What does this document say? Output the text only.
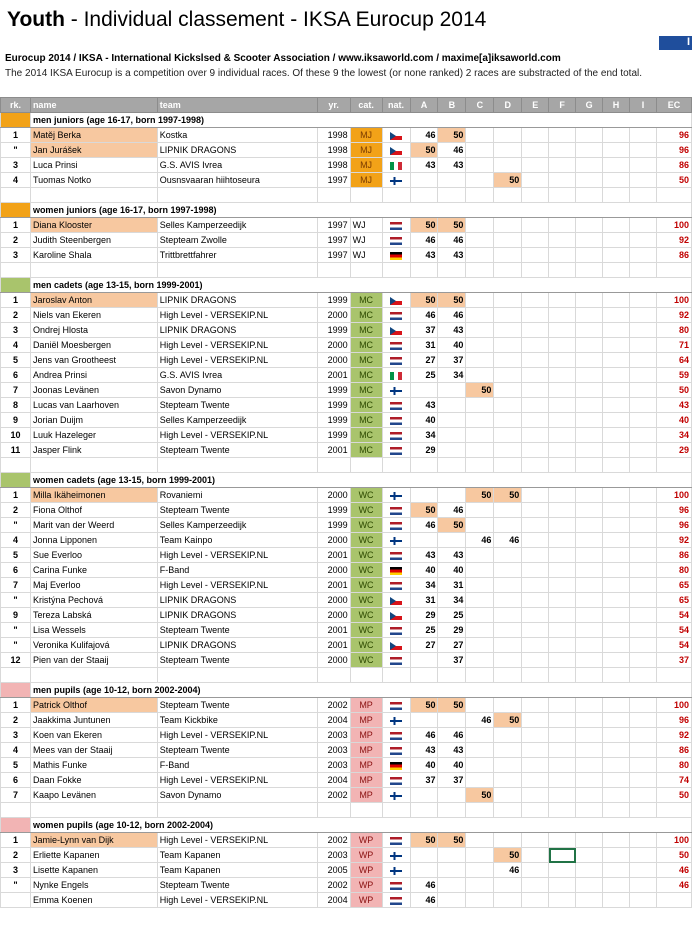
Youth - Individual classement - IKSA Eurocup 2014
I
Eurocup 2014 / IKSA - International Kickslsed & Scooter Association / www.iksaworld.com / maxime[a]iksaworld.com
The 2014 IKSA Eurocup is a competition over 9 individual races. Of these 9 the lowest (or none ranked) 2 races are substracted of the end total.
rk.	name	team	yr.	cat.	nat.	A	B	C	D	E	F	G	H	I	EC
	men juniors (age 16-17, born 1997-1998)														
1	Matěj Berka	Kostka	1998	MJ		46	50								96
"	Jan Jurášek	LIPNIK DRAGONS	1998	MJ		50	46								96
3	Luca Prinsi	G.S. AVIS Ivrea	1998	MJ		43	43								86
4	Tuomas Notko	Ousnsvaaran hiihtoseura	1997	MJ					50						50

	women juniors (age 16-17, born 1997-1998)														
1	Diana Klooster	Selles Kamperzeedijk	1997	WJ		50	50								100
2	Judith Steenbergen	Stepteam Zwolle	1997	WJ		46	46								92
3	Karoline Shala	Trittbrettfahrer	1997	WJ		43	43								86

	men cadets (age 13-15, born 1999-2001)														
1	Jaroslav Anton	LIPNIK DRAGONS	1999	MC		50	50								100
2	Niels van Ekeren	High Level - VERSEKIP.NL	2000	MC		46	46								92
3	Ondrej Hlosta	LIPNIK DRAGONS	1999	MC		37	43								80
4	Daniël Moesbergen	High Level - VERSEKIP.NL	2000	MC		31	40								71
5	Jens van Grootheest	High Level - VERSEKIP.NL	2000	MC		27	37								64
6	Andrea Prinsi	G.S. AVIS Ivrea	2001	MC		25	34								59
7	Joonas Levänen	Savon Dynamo	1999	MC				50							50
8	Lucas van Laarhoven	Stepteam Twente	1999	MC		43									43
9	Jorian Duijm	Selles Kamperzeedijk	1999	MC		40									40
10	Luuk Hazeleger	High Level - VERSEKIP.NL	1999	MC		34									34
11	Jasper Flink	Stepteam Twente	2001	MC		29									29

	women cadets (age 13-15, born 1999-2001)														
1	Milla Ikäheimonen	Rovaniemi	2000	WC				50	50						100
2	Fiona Olthof	Stepteam Twente	1999	WC		50	46								96
"	Marit van der Weerd	Selles Kamperzeedijk	1999	WC		46	50								96
4	Jonna Lipponen	Team Kainpo	2000	WC				46	46						92
5	Sue Everloo	High Level - VERSEKIP.NL	2001	WC		43	43								86
6	Carina Funke	F-Band	2000	WC		40	40								80
7	Maj Everloo	High Level - VERSEKIP.NL	2001	WC		34	31								65
"	Kristýna Pechová	LIPNIK DRAGONS	2000	WC		31	34								65
9	Tereza Labská	LIPNIK DRAGONS	2000	WC		29	25								54
"	Lisa Wessels	Stepteam Twente	2001	WC		25	29								54
"	Veronika Kulifajová	LIPNIK DRAGONS	2001	WC		27	27								54
12	Pien van der Staaij	Stepteam Twente	2000	WC			37								37

	men pupils (age 10-12, born 2002-2004)														
1	Patrick Olthof	Stepteam Twente	2002	MP		50	50								100
2	Jaakkima Juntunen	Team Kickbike	2004	MP				46	50						96
3	Koen van Ekeren	High Level - VERSEKIP.NL	2003	MP		46	46								92
4	Mees van der Staaij	Stepteam Twente	2003	MP		43	43								86
5	Mathis Funke	F-Band	2003	MP		40	40								80
6	Daan Fokke	High Level - VERSEKIP.NL	2004	MP		37	37								74
7	Kaapo Levänen	Savon Dynamo	2002	MP				50							50

	women pupils (age 10-12, born 2002-2004)														
1	Jamie-Lynn van Dijk	High Level - VERSEKIP.NL	2002	WP		50	50								100
2	Erliette Kapanen	Team Kapanen	2003	WP					50						50
3	Lisette Kapanen	Team Kapanen	2005	WP					46						46
"	Nynke Engels	Stepteam Twente	2002	WP		46									46
	Emma Koenen	High Level - VERSEKIP.NL	2004	WP		46									
